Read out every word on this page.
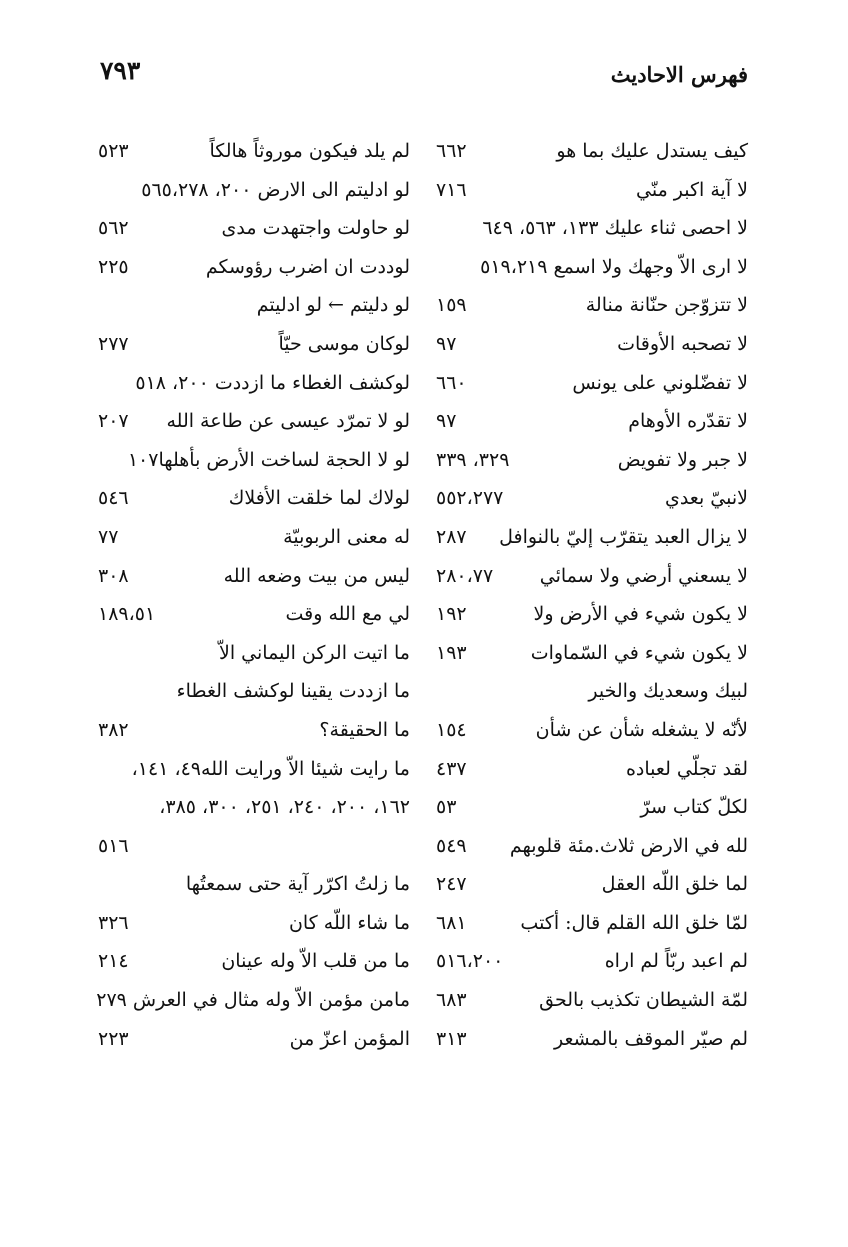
فهرس الاحاديث
٧٩٣
كيف يستدل عليك بما هو
٦٦٢
لا آية اكبر منّي
٧١٦
لا احصى ثناء عليك ١٣٣، ٥٦٣، ٦٤٩
لا ارى الاّ وجهك ولا اسمع ٥١٩،٢١٩
لا تتزوّجن حنّانة منالة
١٥٩
لا تصحبه الأوقات
٩٧
لا تفضّلوني على يونس
٦٦٠
لا تقدّره الأوهام
٩٧
لا جبر ولا تفويض
٣٢٩، ٣٣٩
لانبيّ بعدي
٥٥٢،٢٧٧
لا يزال العبد يتقرّب إليّ بالنوافل
٢٨٧
لا يسعني أرضي ولا سمائي
٢٨٠،٧٧
لا يكون شيء في الأرض ولا
١٩٢
لا يكون شيء في السّماوات
١٩٣
لبيك وسعديك والخير
لأنّه لا يشغله شأن عن شأن
١٥٤
لقد تجلّي لعباده
٤٣٧
لكلّ كتاب سرّ
٥٣
لله في الارض ثلاث.مئة قلوبهم
٥٤٩
لما خلق اللّه العقل
٢٤٧
لمّا خلق الله القلم قال: أكتب
٦٨١
لم اعبد ربّاً لم اراه
٥١٦،٢٠٠
لمّة الشيطان تكذيب بالحق
٦٨٣
لم صيّر الموقف بالمشعر
٣١٣
لم يلد فيكون موروثاً هالكاً
٥٢٣
لو ادليتم الى الارض ٢٠٠، ٥٦٥،٢٧٨
لو حاولت واجتهدت مدى
٥٦٢
لوددت ان اضرب رؤوسكم
٢٢٥
لو دليتم ← لو ادليتم
لوكان موسى حيّاً
٢٧٧
لوكشف الغطاء ما ازددت ٢٠٠، ٥١٨
لو لا تمرّد عيسى عن طاعة الله
٢٠٧
لو لا الحجة لساخت الأرض بأهلها١٠٧
لولاك لما خلقت الأفلاك
٥٤٦
له معنى الربوبيّة
٧٧
ليس من بيت وضعه الله
٣٠٨
لي مع الله وقت
١٨٩،٥١
ما اتيت الركن اليماني الاّ
ما ازددت يقينا لوكشف الغطاء
ما الحقيقة؟
٣٨٢
ما رايت شيئا الاّ ورايت الله٤٩، ١٤١،
١٦٢، ٢٠٠، ٢٤٠، ٢٥١، ٣٠٠، ٣٨٥،
٥١٦
ما زلتُ اكرّر آية حتى سمعتُها
ما شاء اللّه كان
٣٢٦
ما من قلب الاّ وله عينان
٢١٤
مامن مؤمن الاّ وله مثال في العرش ٢٧٩
المؤمن اعزّ من
٢٢٣
